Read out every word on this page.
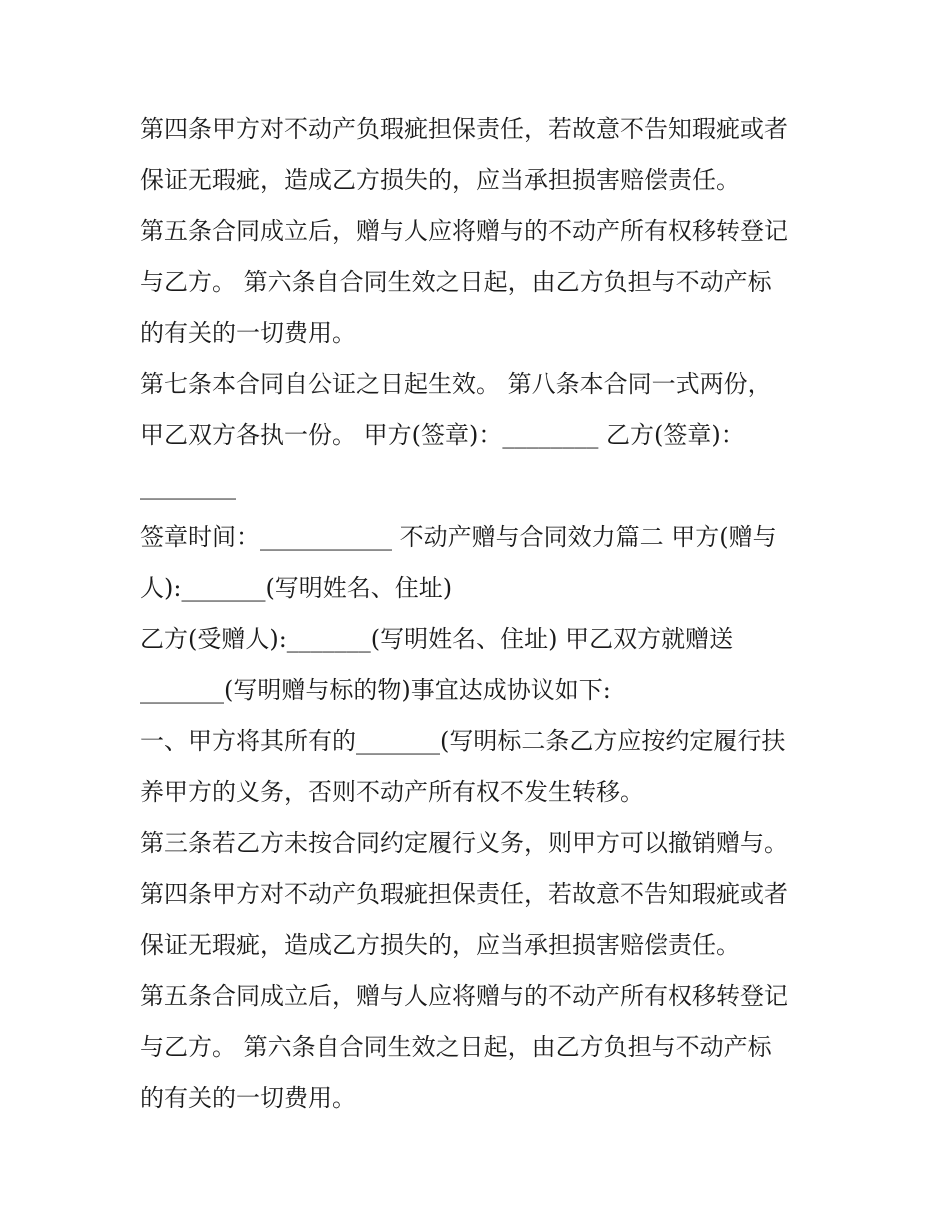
第四条甲方对不动产负瑕疵担保责任，若故意不告知瑕疵或者
保证无瑕疵，造成乙方损失的，应当承担损害赔偿责任。
第五条合同成立后，赠与人应将赠与的不动产所有权移转登记
与乙方。 第六条自合同生效之日起，由乙方负担与不动产标
的有关的一切费用。
第七条本合同自公证之日起生效。 第八条本合同一式两份，
甲乙双方各执一份。 甲方(签章)：________ 乙方(签章)：
________
签章时间：___________ 不动产赠与合同效力篇二 甲方(赠与
人):_______(写明姓名、住址)
乙方(受赠人):_______(写明姓名、住址) 甲乙双方就赠送
_______(写明赠与标的物)事宜达成协议如下:
一、甲方将其所有的_______(写明标二条乙方应按约定履行扶
养甲方的义务，否则不动产所有权不发生转移。
第三条若乙方未按合同约定履行义务，则甲方可以撤销赠与。
第四条甲方对不动产负瑕疵担保责任，若故意不告知瑕疵或者
保证无瑕疵，造成乙方损失的，应当承担损害赔偿责任。
第五条合同成立后，赠与人应将赠与的不动产所有权移转登记
与乙方。 第六条自合同生效之日起，由乙方负担与不动产标
的有关的一切费用。
